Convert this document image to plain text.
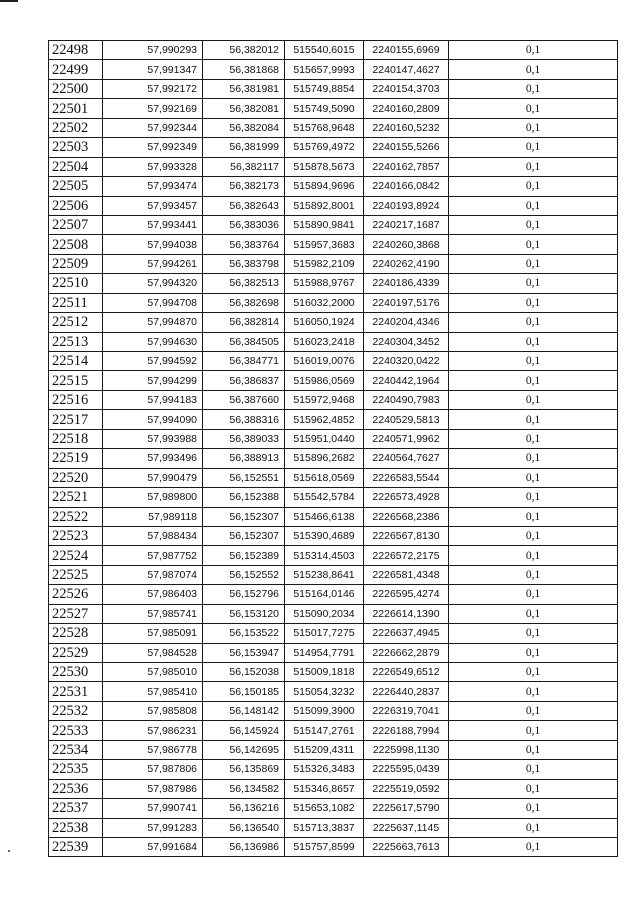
22498	57,990293	56,382012	515540,6015	2240155,6969	0,1
22499	57,991347	56,381868	515657,9993	2240147,4627	0,1
22500	57,992172	56,381981	515749,8854	2240154,3703	0,1
22501	57,992169	56,382081	515749,5090	2240160,2809	0,1
22502	57,992344	56,382084	515768,9648	2240160,5232	0,1
22503	57,992349	56,381999	515769,4972	2240155,5266	0,1
22504	57,993328	56,382117	515878,5673	2240162,7857	0,1
22505	57,993474	56,382173	515894,9696	2240166,0842	0,1
22506	57,993457	56,382643	515892,8001	2240193,8924	0,1
22507	57,993441	56,383036	515890,9841	2240217,1687	0,1
22508	57,994038	56,383764	515957,3683	2240260,3868	0,1
22509	57,994261	56,383798	515982,2109	2240262,4190	0,1
22510	57,994320	56,382513	515988,9767	2240186,4339	0,1
22511	57,994708	56,382698	516032,2000	2240197,5176	0,1
22512	57,994870	56,382814	516050,1924	2240204,4346	0,1
22513	57,994630	56,384505	516023,2418	2240304,3452	0,1
22514	57,994592	56,384771	516019,0076	2240320,0422	0,1
22515	57,994299	56,386837	515986,0569	2240442,1964	0,1
22516	57,994183	56,387660	515972,9468	2240490,7983	0,1
22517	57,994090	56,388316	515962,4852	2240529,5813	0,1
22518	57,993988	56,389033	515951,0440	2240571,9962	0,1
22519	57,993496	56,388913	515896,2682	2240564,7627	0,1
22520	57,990479	56,152551	515618,0569	2226583,5544	0,1
22521	57,989800	56,152388	515542,5784	2226573,4928	0,1
22522	57,989118	56,152307	515466,6138	2226568,2386	0,1
22523	57,988434	56,152307	515390,4689	2226567,8130	0,1
22524	57,987752	56,152389	515314,4503	2226572,2175	0,1
22525	57,987074	56,152552	515238,8641	2226581,4348	0,1
22526	57,986403	56,152796	515164,0146	2226595,4274	0,1
22527	57,985741	56,153120	515090,2034	2226614,1390	0,1
22528	57,985091	56,153522	515017,7275	2226637,4945	0,1
22529	57,984528	56,153947	514954,7791	2226662,2879	0,1
22530	57,985010	56,152038	515009,1818	2226549,6512	0,1
22531	57,985410	56,150185	515054,3232	2226440,2837	0,1
22532	57,985808	56,148142	515099,3900	2226319,7041	0,1
22533	57,986231	56,145924	515147,2761	2226188,7994	0,1
22534	57,986778	56,142695	515209,4311	2225998,1130	0,1
22535	57,987806	56,135869	515326,3483	2225595,0439	0,1
22536	57,987986	56,134582	515346,8657	2225519,0592	0,1
22537	57,990741	56,136216	515653,1082	2225617,5790	0,1
22538	57,991283	56,136540	515713,3837	2225637,1145	0,1
22539	57,991684	56,136986	515757,8599	2225663,7613	0,1
